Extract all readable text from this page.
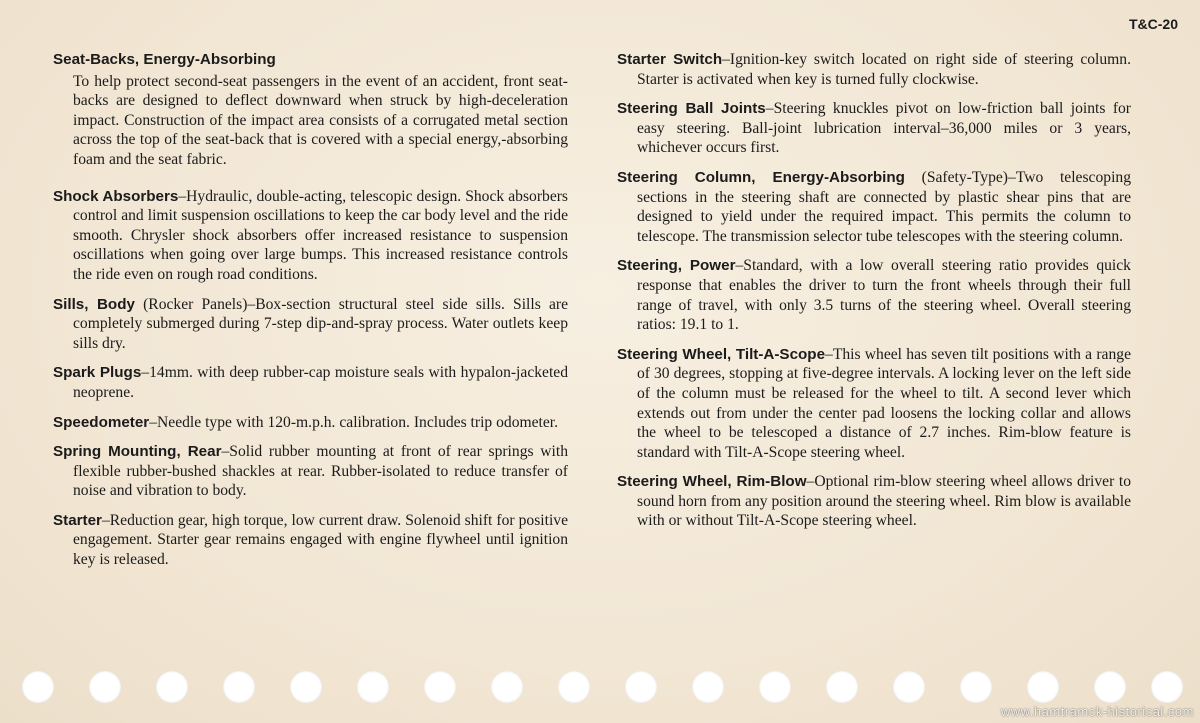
T&C-20

Seat-Backs, Energy-Absorbing
To help protect second-seat passengers in the event of an accident, front seat-backs are designed to deflect downward when struck by high-deceleration impact. Construction of the impact area consists of a corrugated metal section across the top of the seat-back that is covered with a special energy,-absorbing foam and the seat fabric.

Shock Absorbers–Hydraulic, double-acting, telescopic design. Shock absorbers control and limit suspension oscillations to keep the car body level and the ride smooth. Chrysler shock absorbers offer increased resistance to suspension oscillations when going over large bumps. This increased resistance controls the ride even on rough road conditions.

Sills, Body (Rocker Panels)–Box-section structural steel side sills. Sills are completely submerged during 7-step dip-and-spray process. Water outlets keep sills dry.

Spark Plugs–14mm. with deep rubber-cap moisture seals with hypalon-jacketed neoprene.

Speedometer–Needle type with 120-m.p.h. calibration. Includes trip odometer.

Spring Mounting, Rear–Solid rubber mounting at front of rear springs with flexible rubber-bushed shackles at rear. Rubber-isolated to reduce transfer of noise and vibration to body.

Starter–Reduction gear, high torque, low current draw. Solenoid shift for positive engagement. Starter gear remains engaged with engine flywheel until ignition key is released.

Starter Switch–Ignition-key switch located on right side of steering column. Starter is activated when key is turned fully clockwise.

Steering Ball Joints–Steering knuckles pivot on low-friction ball joints for easy steering. Ball-joint lubrication interval–36,000 miles or 3 years, whichever occurs first.

Steering Column, Energy-Absorbing (Safety-Type)–Two telescoping sections in the steering shaft are connected by plastic shear pins that are designed to yield under the required impact. This permits the column to telescope. The transmission selector tube telescopes with the steering column.

Steering, Power–Standard, with a low overall steering ratio provides quick response that enables the driver to turn the front wheels through their full range of travel, with only 3.5 turns of the steering wheel. Overall steering ratios: 19.1 to 1.

Steering Wheel, Tilt-A-Scope–This wheel has seven tilt positions with a range of 30 degrees, stopping at five-degree intervals. A locking lever on the left side of the column must be released for the wheel to tilt. A second lever which extends out from under the center pad loosens the locking collar and allows the wheel to be telescoped a distance of 2.7 inches. Rim-blow feature is standard with Tilt-A-Scope steering wheel.

Steering Wheel, Rim-Blow–Optional rim-blow steering wheel allows driver to sound horn from any position around the steering wheel. Rim blow is available with or without Tilt-A-Scope steering wheel.

www.hamtramck-historical.com
